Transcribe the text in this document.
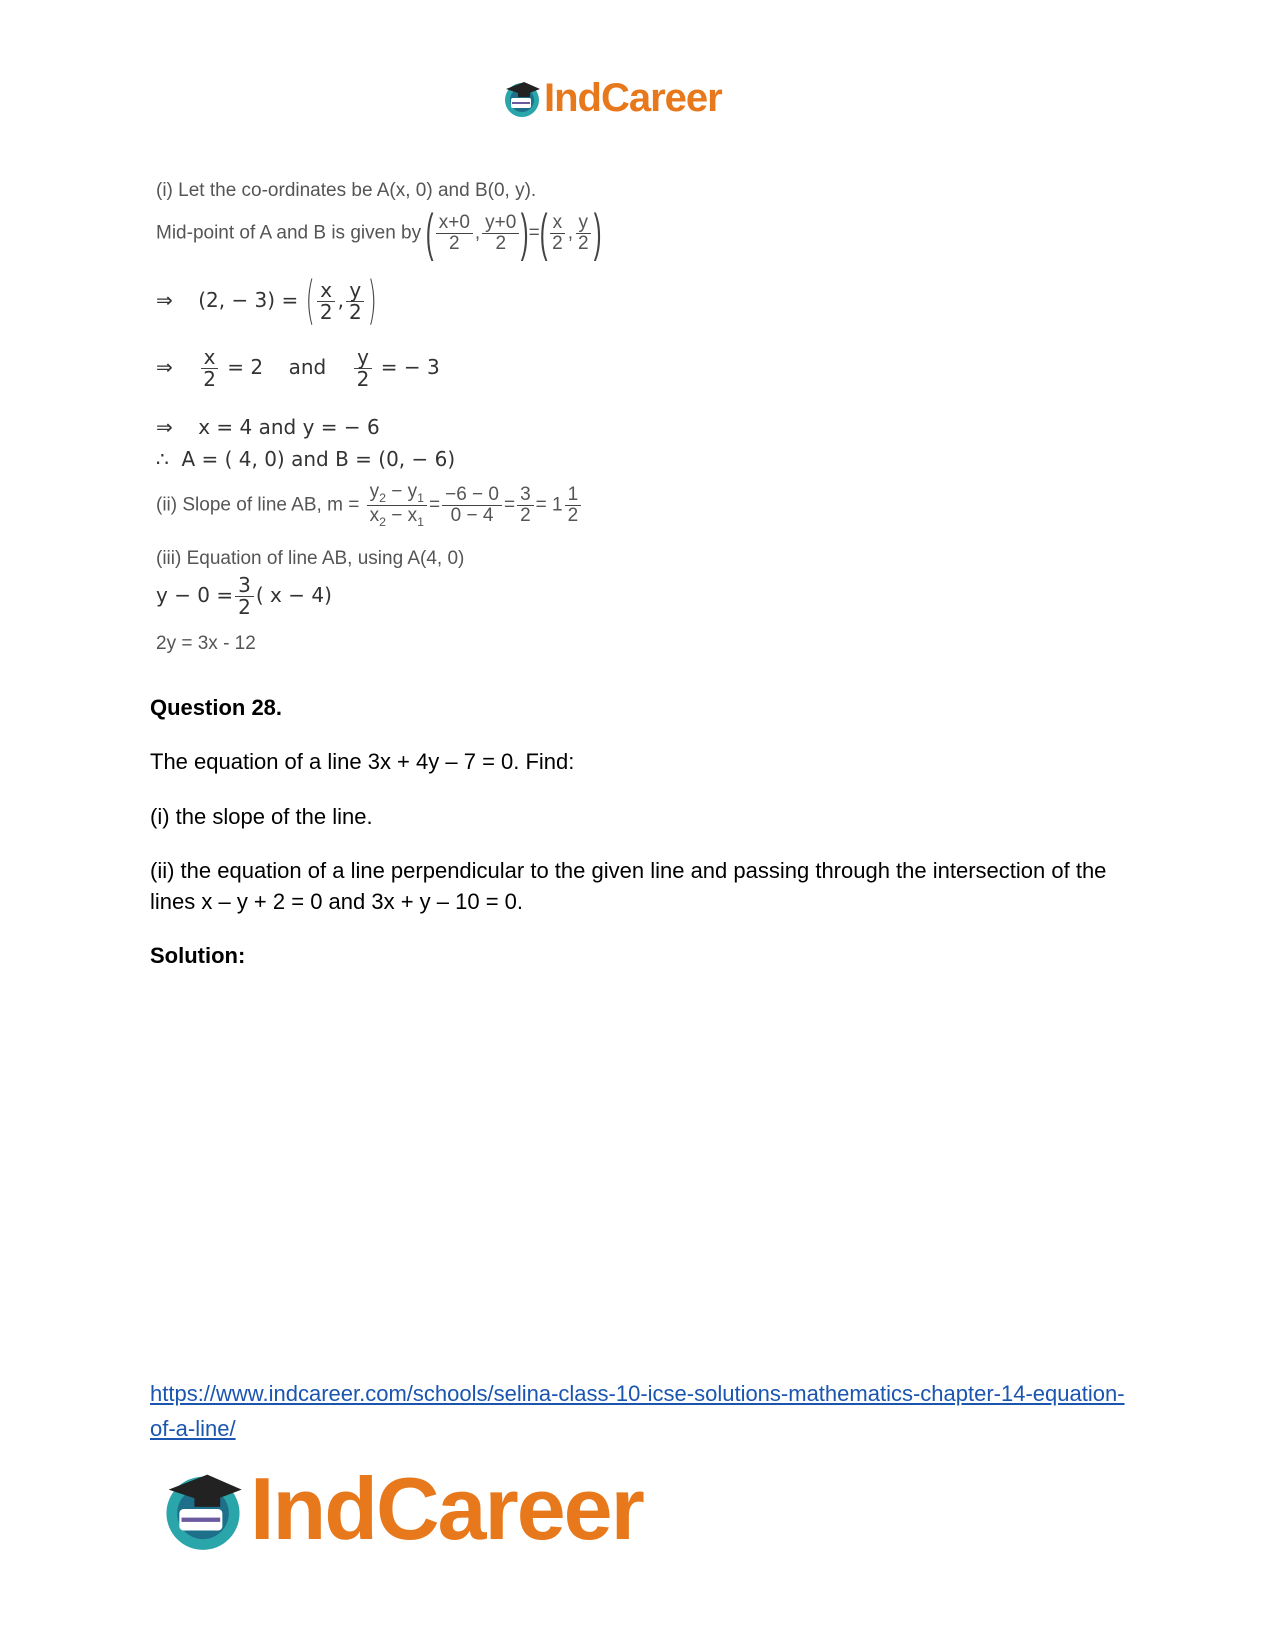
IndCareer
(i) Let the co-ordinates be A(x, 0) and B(0, y).
Mid-point of A and B is given by ( $\frac{x+0}{2}$ , $\frac{y+0}{2}$ )=( $\frac{x}{2}$ , $\frac{y}{2}$ )
⇒ (2, − 3) = ( $\frac{x}{2}$ , $\frac{y}{2}$ )
⇒ $\frac{x}{2} = 2$ and $\frac{y}{2}$ = − 3
⇒ x = 4 and y = − 6
∴ A = ( 4, 0) and B = (0, − 6)
(ii) Slope of line AB, $m = \frac{y_2 - y_1}{x_2 - x_1} = \frac{-6 - 0}{0 - 4} = \frac{3}{2} = 1 \frac{1}{2}$
(iii) Equation of line AB, using A(4, 0)
$y - 0 = \frac{3}{2}$ ( x − 4)
2y = 3x - 12
Question 28.
The equation of a line 3x + 4y – 7 = 0. Find:
(i) the slope of the line.
(ii) the equation of a line perpendicular to the given line and passing through the intersection of the lines x – y + 2 = 0 and 3x + y – 10 = 0.
Solution:
https://www.indcareer.com/schools/selina-class-10-icse-solutions-mathematics-chapter-14-equation-of-a-line/
IndCareer
